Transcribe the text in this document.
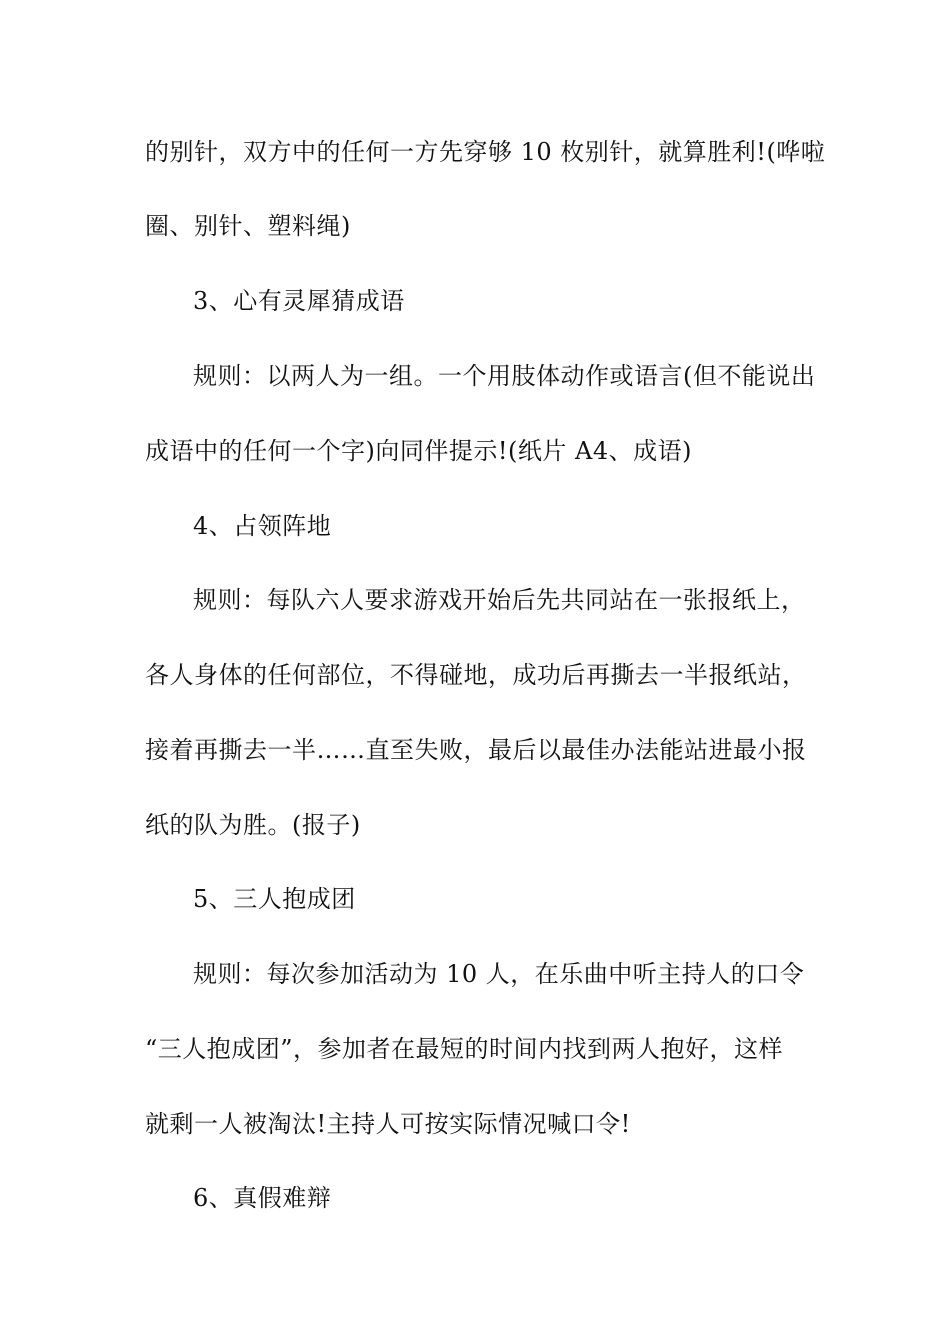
的别针，双方中的任何一方先穿够 10 枚别针，就算胜利!(哗啦
圈、别针、塑料绳)
3、心有灵犀猜成语
规则：以两人为一组。一个用肢体动作或语言(但不能说出
成语中的任何一个字)向同伴提示!(纸片 A4、成语)
4、占领阵地
规则：每队六人要求游戏开始后先共同站在一张报纸上，
各人身体的任何部位，不得碰地，成功后再撕去一半报纸站，
接着再撕去一半……直至失败，最后以最佳办法能站进最小报
纸的队为胜。(报子)
5、三人抱成团
规则：每次参加活动为 10 人，在乐曲中听主持人的口令
“三人抱成团”，参加者在最短的时间内找到两人抱好，这样
就剩一人被淘汰!主持人可按实际情况喊口令!
6、真假难辩
